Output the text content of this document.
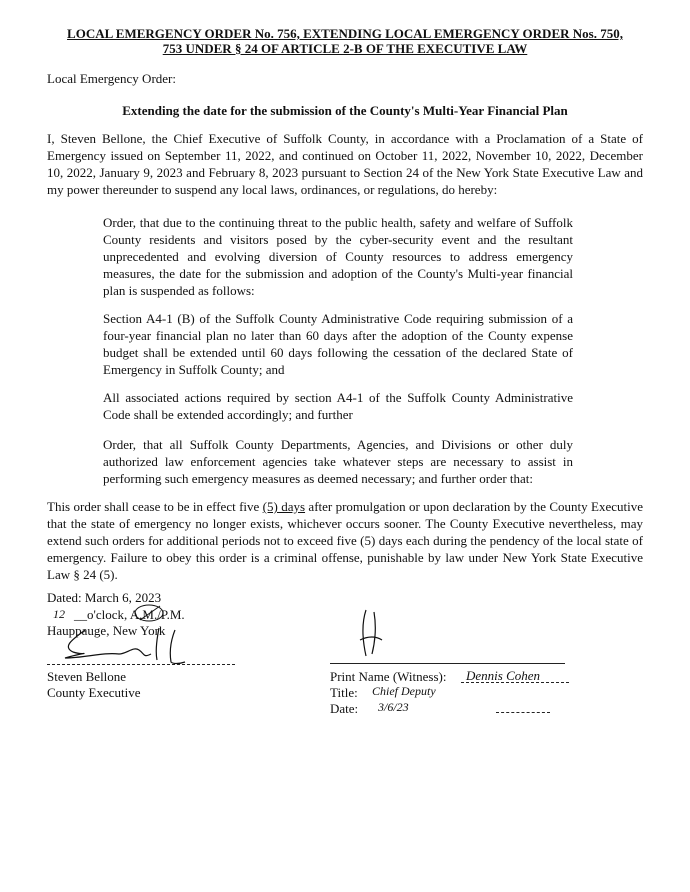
LOCAL EMERGENCY ORDER No. 756, EXTENDING LOCAL EMERGENCY ORDER Nos. 750,
753 UNDER § 24 OF ARTICLE 2-B OF THE EXECUTIVE LAW
Local Emergency Order:
Extending the date for the submission of the County's Multi-Year Financial Plan
I, Steven Bellone, the Chief Executive of Suffolk County, in accordance with a Proclamation of a State of Emergency issued on September 11, 2022, and continued on October 11, 2022, November 10, 2022, December 10, 2022, January 9, 2023 and February 8, 2023 pursuant to Section 24 of the New York State Executive Law and my power thereunder to suspend any local laws, ordinances, or regulations, do hereby:
Order, that due to the continuing threat to the public health, safety and welfare of Suffolk County residents and visitors posed by the cyber-security event and the resultant unprecedented and evolving diversion of County resources to address emergency measures, the date for the submission and adoption of the County's Multi-year financial plan is suspended as follows:
Section A4-1 (B) of the Suffolk County Administrative Code requiring submission of a four-year financial plan no later than 60 days after the adoption of the County expense budget shall be extended until 60 days following the cessation of the declared State of Emergency in Suffolk County; and
All associated actions required by section A4-1 of the Suffolk County Administrative Code shall be extended accordingly; and further
Order, that all Suffolk County Departments, Agencies, and Divisions or other duly authorized law enforcement agencies take whatever steps are necessary to assist in performing such emergency measures as deemed necessary; and further order that:
This order shall cease to be in effect five (5) days after promulgation or upon declaration by the County Executive that the state of emergency no longer exists, whichever occurs sooner. The County Executive nevertheless, may extend such orders for additional periods not to exceed five (5) days each during the pendency of the local state of emergency. Failure to obey this order is a criminal offense, punishable by law under New York State Executive Law § 24 (5).
Dated: March 6, 2023
12 __o'clock, A.M./P.M.
Hauppauge, New York
Steven Bellone
County Executive
Print Name (Witness): Dennis Cohen
Title: Chief Deputy
Date: 3/6/23
